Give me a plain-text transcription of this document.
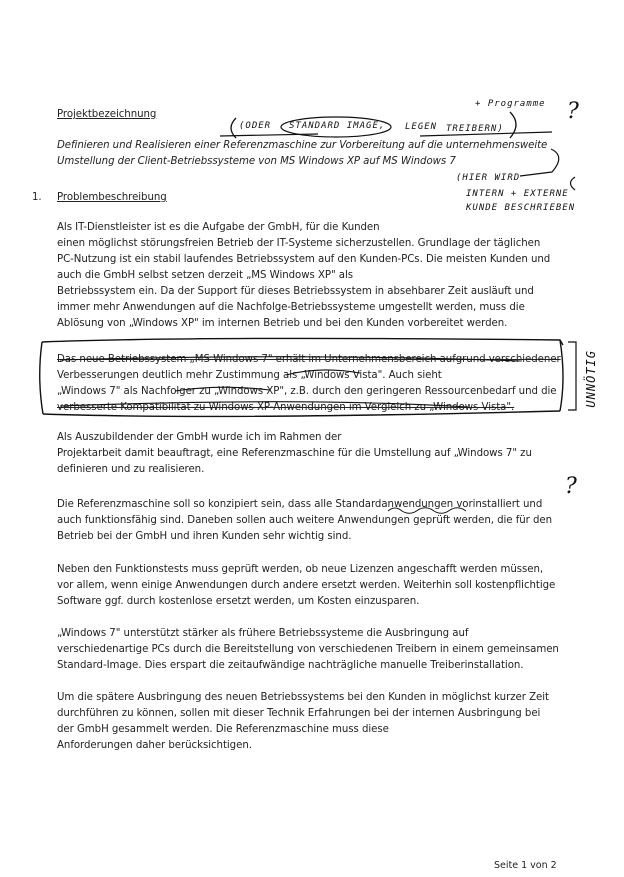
Projektbezeichnung
Definieren und Realisieren einer Referenzmaschine zur Vorbereitung auf die unternehmensweite
Umstellung der Client-Betriebssysteme von MS Windows XP auf MS Windows 7
1. Problembeschreibung
Als IT-Dienstleister ist es die Aufgabe der GmbH, für die Kunden
einen möglichst störungsfreien Betrieb der IT-Systeme sicherzustellen. Grundlage der täglichen
PC-Nutzung ist ein stabil laufendes Betriebssystem auf den Kunden-PCs. Die meisten Kunden und
auch die GmbH selbst setzen derzeit „MS Windows XP" als
Betriebssystem ein. Da der Support für dieses Betriebssystem in absehbarer Zeit ausläuft und
immer mehr Anwendungen auf die Nachfolge-Betriebssysteme umgestellt werden, muss die
Ablösung von „Windows XP" im internen Betrieb und bei den Kunden vorbereitet werden.
Das neue Betriebssystem „MS Windows 7" erhält im Unternehmensbereich aufgrund verschiedener
Verbesserungen deutlich mehr Zustimmung als „Windows Vista". Auch sieht
„Windows 7" als Nachfolger zu „Windows XP", z.B. durch den geringeren Ressourcenbedarf und die
verbesserte Kompatibilität zu Windows XP-Anwendungen im Vergleich zu „Windows Vista".
Als Auszubildender der GmbH wurde ich im Rahmen der
Projektarbeit damit beauftragt, eine Referenzmaschine für die Umstellung auf „Windows 7" zu
definieren und zu realisieren.
Die Referenzmaschine soll so konzipiert sein, dass alle Standardanwendungen vorinstalliert und
auch funktionsfähig sind. Daneben sollen auch weitere Anwendungen geprüft werden, die für den
Betrieb bei der GmbH und ihren Kunden sehr wichtig sind.
Neben den Funktionstests muss geprüft werden, ob neue Lizenzen angeschafft werden müssen,
vor allem, wenn einige Anwendungen durch andere ersetzt werden. Weiterhin soll kostenpflichtige
Software ggf. durch kostenlose ersetzt werden, um Kosten einzusparen.
„Windows 7" unterstützt stärker als frühere Betriebssysteme die Ausbringung auf
verschiedenartige PCs durch die Bereitstellung von verschiedenen Treibern in einem gemeinsamen
Standard-Image. Dies erspart die zeitaufwändige nachträgliche manuelle Treiberinstallation.
Um die spätere Ausbringung des neuen Betriebssystems bei den Kunden in möglichst kurzer Zeit
durchführen zu können, sollen mit dieser Technik Erfahrungen bei der internen Ausbringung bei
der GmbH gesammelt werden. Die Referenzmaschine muss diese
Anforderungen daher berücksichtigen.
Seite 1 von 2
(ODER STANDARD IMAGE, LEGEN TREIBERN)
+ Programme ?
(HIER WIRD
INTERN + EXTERNE
KUNDE BESCHRIEBEN
UNNÖTIG
?
